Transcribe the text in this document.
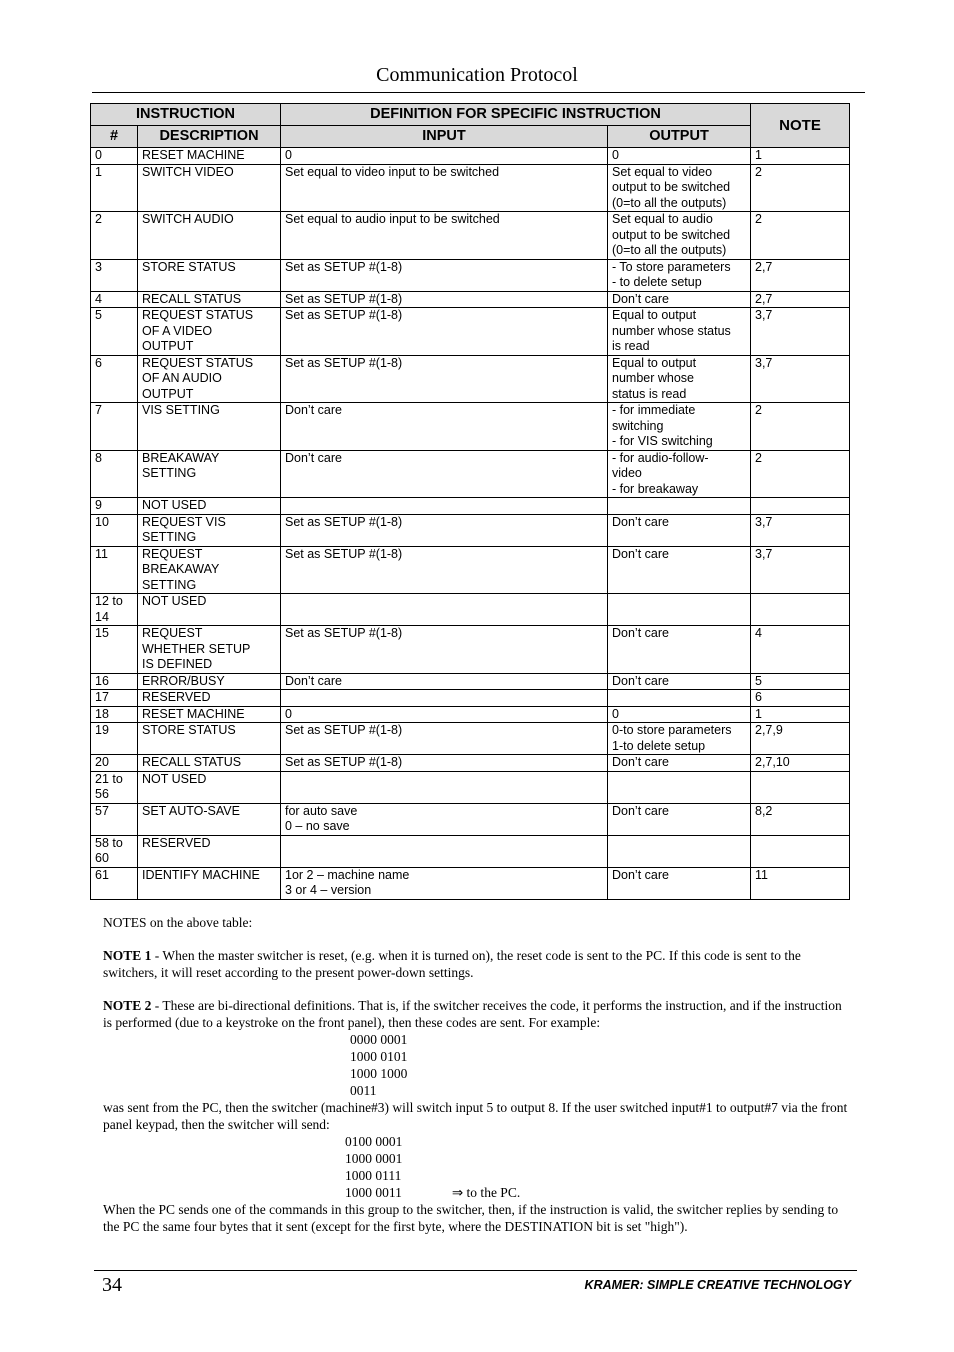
Communication Protocol
INSTRUCTION		DEFINITION FOR SPECIFIC INSTRUCTION		NOTE
#	DESCRIPTION	INPUT	OUTPUT	
0	RESET MACHINE	0	0	1
1	SWITCH VIDEO	Set equal to video input to be switched	Set equal to video
output to be switched
(0=to all the outputs)	2
2	SWITCH AUDIO	Set equal to audio input to be switched	Set equal to audio
output to be switched
(0=to all the outputs)	2
3	STORE STATUS	Set as SETUP #(1-8)	- To store parameters
- to delete setup	2,7
4	RECALL STATUS	Set as SETUP #(1-8)	Don’t care	2,7
5	REQUEST STATUS
OF A VIDEO
OUTPUT	Set as SETUP #(1-8)	Equal to output
number whose status
is read	3,7
6	REQUEST STATUS
OF AN AUDIO
OUTPUT	Set as SETUP #(1-8)	Equal to output
number whose
status is read	3,7
7	VIS SETTING	Don’t care	- for immediate
switching
- for VIS switching	2
8	BREAKAWAY
SETTING	Don’t care	- for audio-follow-
video
- for breakaway	2
9	NOT USED			
10	REQUEST VIS
SETTING	Set as SETUP #(1-8)	Don’t care	3,7
11	REQUEST
BREAKAWAY
SETTING	Set as SETUP #(1-8)	Don’t care	3,7
12 to
14	NOT USED			
15	REQUEST
WHETHER SETUP
IS DEFINED	Set as SETUP #(1-8)	Don’t care	4
16	ERROR/BUSY	Don’t care	Don’t care	5
17	RESERVED			6
18	RESET MACHINE	0	0	1
19	STORE STATUS	Set as SETUP #(1-8)	0-to store parameters
1-to delete setup	2,7,9
20	RECALL STATUS	Set as SETUP #(1-8)	Don’t care	2,7,10
21 to
56	NOT USED			
57	SET AUTO-SAVE	for auto save
0 – no save	Don’t care	8,2
58 to
60	RESERVED			
61	IDENTIFY MACHINE	1or 2 – machine name
3 or 4 – version	Don’t care	11

NOTES on the above table:

NOTE 1 - When the master switcher is reset, (e.g. when it is turned on), the reset code is sent to the PC. If this code is sent to the switchers, it will reset according to the present power-down settings.

NOTE 2 - These are bi-directional definitions. That is, if the switcher receives the code, it performs the instruction, and if the instruction is performed (due to a keystroke on the front panel), then these codes are sent. For example:

0000 0001
1000 0101
1000 1000
0011

was sent from the PC, then the switcher (machine#3) will switch input 5 to output 8. If the user switched input#1 to output#7 via the front panel keypad, then the switcher will send:

0100 0001
1000 0001
1000 0111
1000 0011	⇒ to the PC.

When the PC sends one of the commands in this group to the switcher, then, if the instruction is valid, the switcher replies by sending to the PC the same four bytes that it sent (except for the first byte, where the DESTINATION bit is set "high").

34	KRAMER: SIMPLE CREATIVE TECHNOLOGY
